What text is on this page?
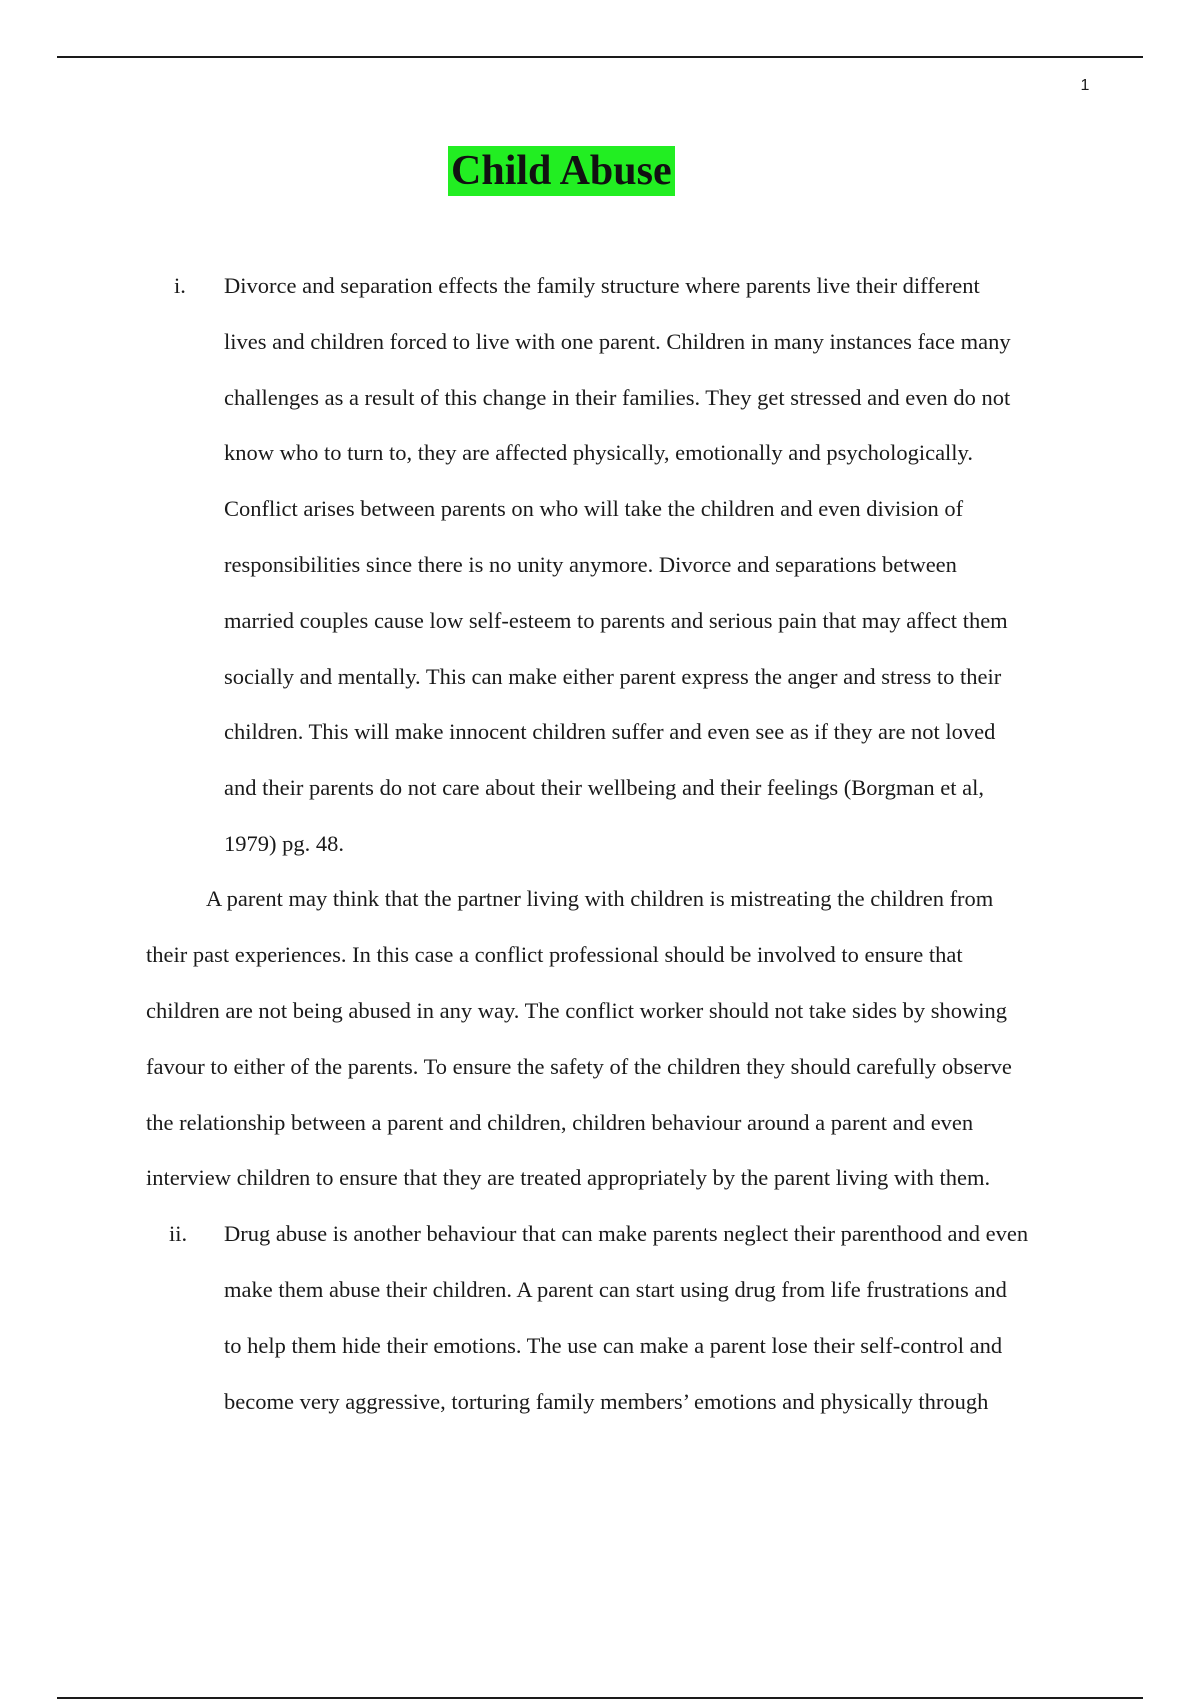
1
Child Abuse
i. Divorce and separation effects the family structure where parents live their different
lives and children forced to live with one parent. Children in many instances face many
challenges as a result of this change in their families. They get stressed and even do not
know who to turn to, they are affected physically, emotionally and psychologically.
Conflict arises between parents on who will take the children and even division of
responsibilities since there is no unity anymore. Divorce and separations between
married couples cause low self-esteem to parents and serious pain that may affect them
socially and mentally. This can make either parent express the anger and stress to their
children. This will make innocent children suffer and even see as if they are not loved
and their parents do not care about their wellbeing and their feelings (Borgman et al,
1979) pg. 48.
A parent may think that the partner living with children is mistreating the children from
their past experiences. In this case a conflict professional should be involved to ensure that
children are not being abused in any way. The conflict worker should not take sides by showing
favour to either of the parents. To ensure the safety of the children they should carefully observe
the relationship between a parent and children, children behaviour around a parent and even
interview children to ensure that they are treated appropriately by the parent living with them.
ii. Drug abuse is another behaviour that can make parents neglect their parenthood and even
make them abuse their children. A parent can start using drug from life frustrations and
to help them hide their emotions. The use can make a parent lose their self-control and
become very aggressive, torturing family members’ emotions and physically through
